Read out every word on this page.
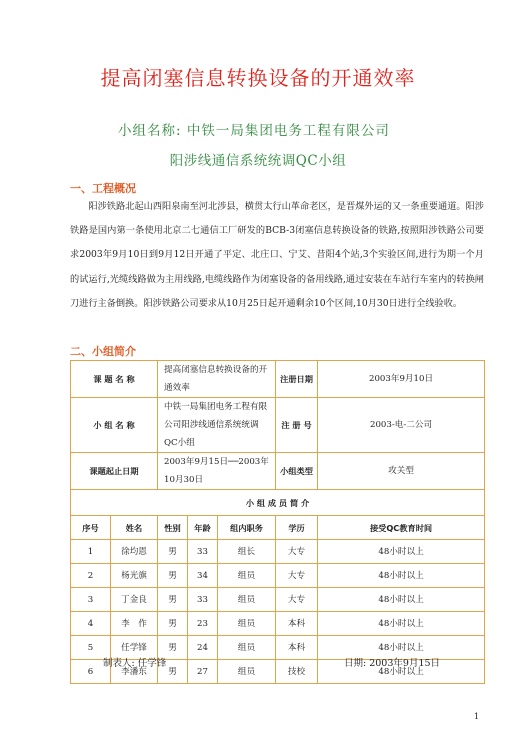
提高闭塞信息转换设备的开通效率
小组名称: 中铁一局集团电务工程有限公司
阳涉线通信系统统调QC小组
一、工程概况

阳涉铁路北起山西阳泉南至河北涉县，横贯太行山革命老区，是晋煤外运的又一条重要通道。阳涉铁路是国内第一条使用北京二七通信工厂研发的BCB-3闭塞信息转换设备的铁路,按照阳涉铁路公司要求2003年9月10日到9月12日开通了平定、北庄口、宁艾、昔阳4个站,3个实验区间,进行为期一个月的试运行,光缆线路做为主用线路,电缆线路作为闭塞设备的备用线路,通过安装在车站行车室内的转换闸刀进行主备倒换。阳涉铁路公司要求从10月25日起开通剩余10个区间,10月30日进行全线验收。

二、小组简介
课 题 名 称		提高闭塞信息转换设备的开通效率			注册日期	2003年9月10日
小 组 名 称		中铁一局集团电务工程有限公司阳涉线通信系统统调QC小组			注 册 号	2003-电-二公司
课题起止日期		2003年9月15日──2003年10月30日			小组类型	攻关型
小 组 成 员 简 介						
序号	姓名	性别	年龄	组内职务	学历	接受QC教育时间
1	徐均恩	男	33	组长	大专	48小时以上
2	杨光旗	男	34	组员	大专	48小时以上
3	丁金良	男	33	组员	大专	48小时以上
4	李　作	男	23	组员	本科	48小时以上
5	任学锋	男	24	组员	本科	48小时以上
6	李潘东	男	27	组员	技校	48小时以上
制表人: 任学锋	日期: 2003年9月15日
1
